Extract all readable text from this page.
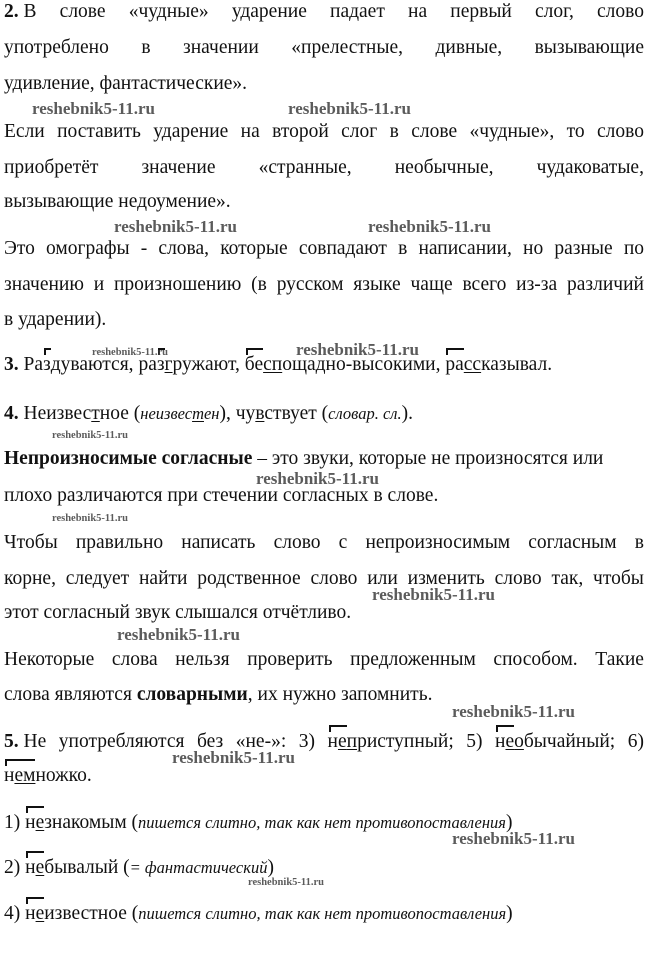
2. В слове «чудные» ударение падает на первый слог, слово
употреблено в значении «прелестные, дивные, вызывающие
удивление, фантастические».
Если поставить ударение на второй слог в слове «чудные», то слово
приобретёт значение «странные, необычные, чудаковатые,
вызывающие недоумение».
Это омографы - слова, которые совпадают в написании, но разные по
значению и произношению (в русском языке чаще всего из-за различий
в ударении).
3. Раздуваются, разгружают, беспощадно-высокими, рассказывал.
4. Неизвестное (неизвестен), чувствует (словар. сл.).
Непроизносимые согласные – это звуки, которые не произносятся или
плохо различаются при стечении согласных в слове.
Чтобы правильно написать слово с непроизносимым согласным в
корне, следует найти родственное слово или изменить слово так, чтобы
этот согласный звук слышался отчётливо.
Некоторые слова нельзя проверить предложенным способом. Такие
слова являются словарными, их нужно запомнить.
5. Не употребляются без «не-»: 3) неприступный; 5) необычайный; 6)
немножко.
1) незнакомым (пишется слитно, так как нет противопоставления)
2) небывалый (= фантастический)
4) неизвестное (пишется слитно, так как нет противопоставления)
reshebnik5-11.ru	reshebnik5-11.ru
reshebnik5-11.ru	reshebnik5-11.ru
reshebnik5-11.ru	reshebnik5-11.ru
reshebnik5-11.ru
reshebnik5-11.ru
reshebnik5-11.ru
reshebnik5-11.ru
reshebnik5-11.ru
reshebnik5-11.ru
reshebnik5-11.ru
reshebnik5-11.ru
reshebnik5-11.ru
